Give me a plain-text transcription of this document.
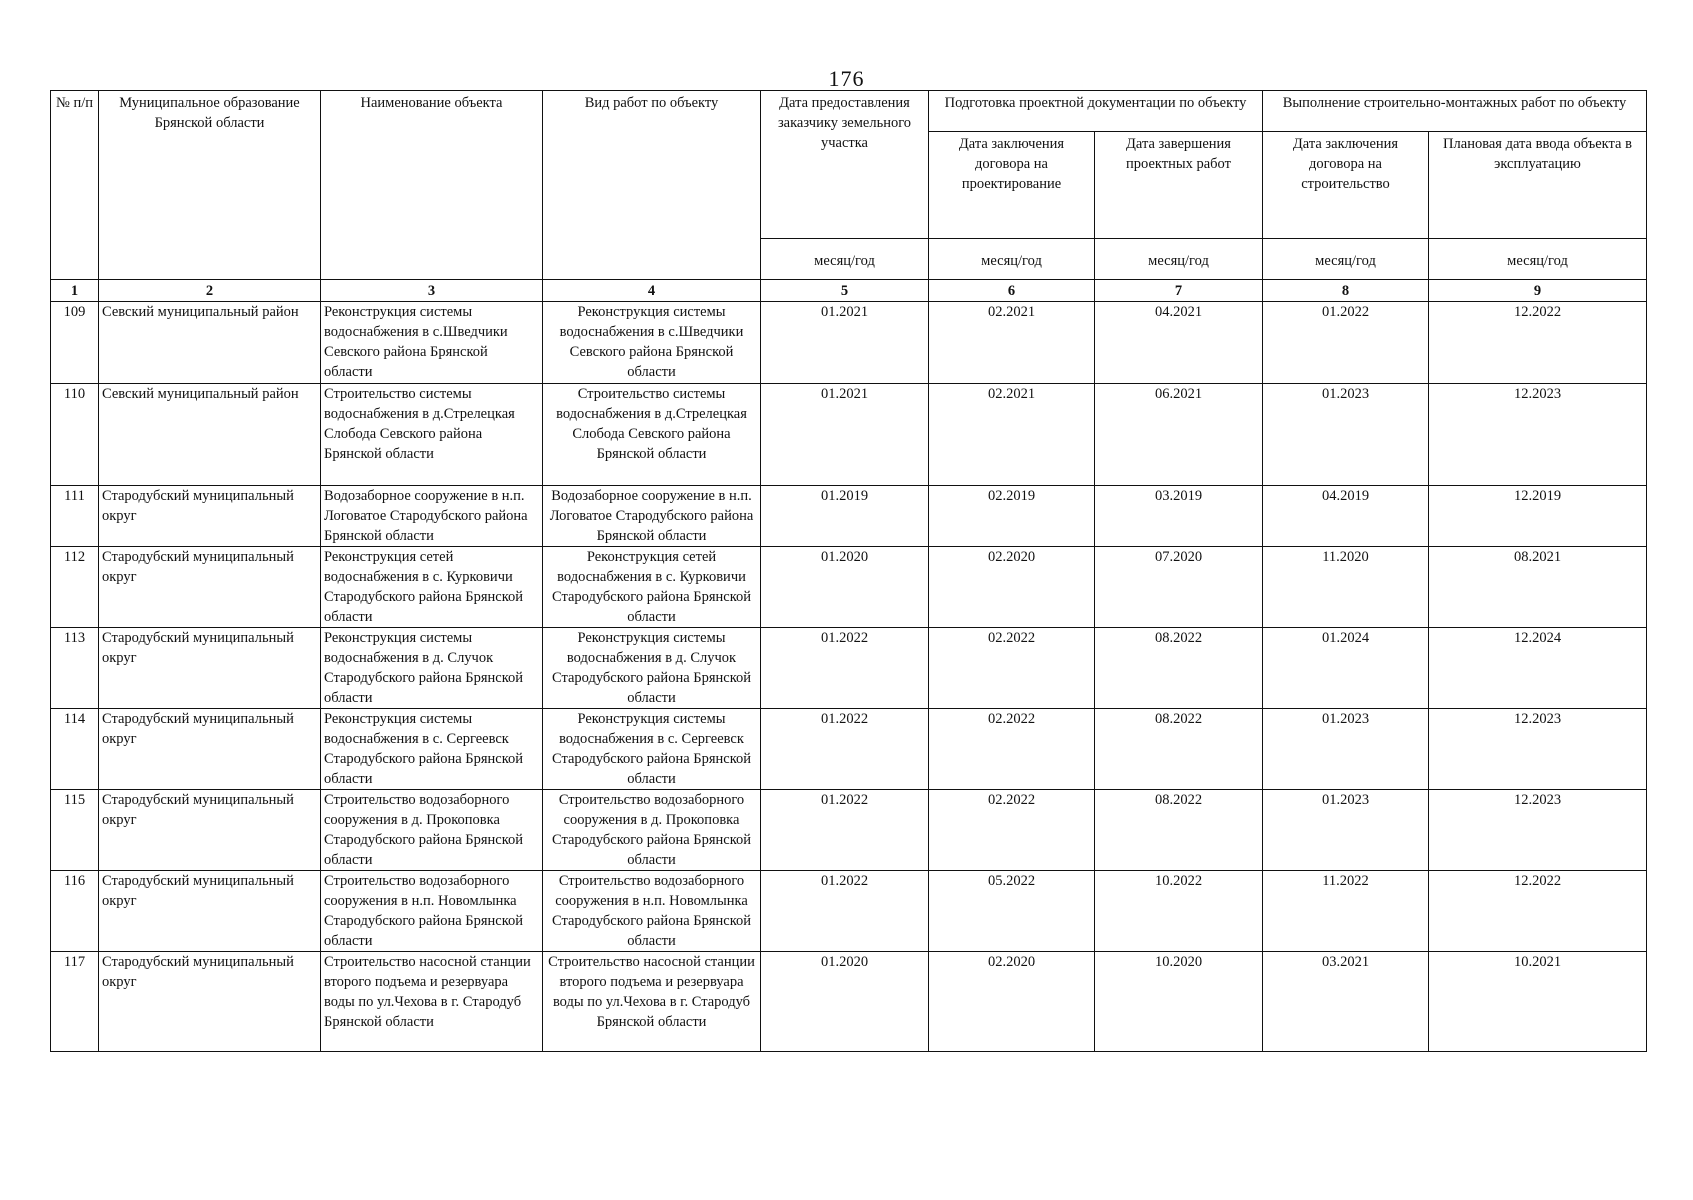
176
№ п/п	Муниципальное образование Брянской области	Наименование объекта	Вид работ по объекту	Дата предоставления заказчику земельного участка	Подготовка проектной документации по объекту		Выполнение строительно-монтажных работ по объекту	
					Дата заключения договора на проектирование	Дата завершения проектных работ	Дата заключения договора на строительство	Плановая дата ввода объекта в эксплуатацию
				месяц/год	месяц/год	месяц/год	месяц/год	месяц/год
1	2	3	4	5	6	7	8	9
109	Севский муниципальный район	Реконструкция системы водоснабжения в с.Шведчики Севского района Брянской области	Реконструкция системы водоснабжения в с.Шведчики Севского района Брянской области	01.2021	02.2021	04.2021	01.2022	12.2022
110	Севский муниципальный район	Строительство системы водоснабжения в д.Стрелецкая Слобода Севского района Брянской области	Строительство системы водоснабжения в д.Стрелецкая Слобода Севского района Брянской области	01.2021	02.2021	06.2021	01.2023	12.2023
111	Стародубский муниципальный округ	Водозаборное сооружение в н.п. Логоватое Стародубского района Брянской области	Водозаборное сооружение в н.п. Логоватое Стародубского района Брянской области	01.2019	02.2019	03.2019	04.2019	12.2019
112	Стародубский муниципальный округ	Реконструкция сетей водоснабжения в с. Курковичи Стародубского района Брянской области	Реконструкция сетей водоснабжения в с. Курковичи Стародубского района Брянской области	01.2020	02.2020	07.2020	11.2020	08.2021
113	Стародубский муниципальный округ	Реконструкция системы водоснабжения в д. Случок Стародубского района Брянской области	Реконструкция системы водоснабжения в д. Случок Стародубского района Брянской области	01.2022	02.2022	08.2022	01.2024	12.2024
114	Стародубский муниципальный округ	Реконструкция системы водоснабжения в с. Сергеевск Стародубского района Брянской области	Реконструкция системы водоснабжения в с. Сергеевск Стародубского района Брянской области	01.2022	02.2022	08.2022	01.2023	12.2023
115	Стародубский муниципальный округ	Строительство водозаборного сооружения в д. Прокоповка Стародубского района Брянской области	Строительство водозаборного сооружения в д. Прокоповка Стародубского района Брянской области	01.2022	02.2022	08.2022	01.2023	12.2023
116	Стародубский муниципальный округ	Строительство водозаборного сооружения в н.п. Новомлынка Стародубского района Брянской области	Строительство водозаборного сооружения в н.п. Новомлынка Стародубского района Брянской области	01.2022	05.2022	10.2022	11.2022	12.2022
117	Стародубский муниципальный округ	Строительство насосной станции второго подъема и резервуара воды по ул.Чехова в г. Стародуб Брянской области	Строительство насосной станции второго подъема и резервуара воды по ул.Чехова в г. Стародуб Брянской области	01.2020	02.2020	10.2020	03.2021	10.2021
